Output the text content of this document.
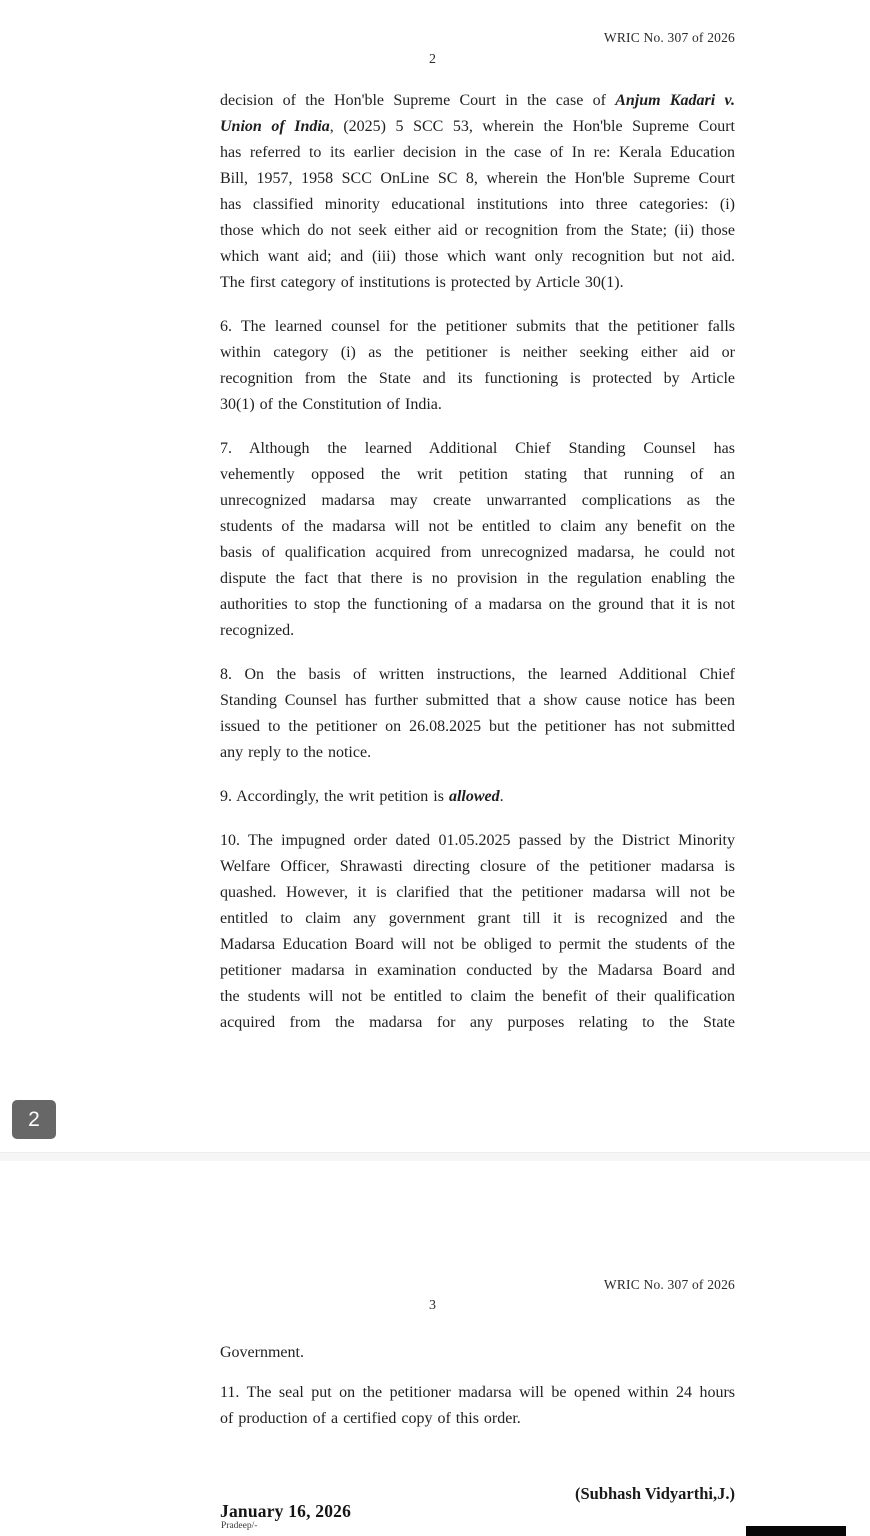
WRIC No. 307 of 2026
2
decision of the Hon'ble Supreme Court in the case of Anjum Kadari v.
Union of India, (2025) 5 SCC 53, wherein the Hon'ble Supreme Court
has referred to its earlier decision in the case of In re: Kerala Education
Bill, 1957, 1958 SCC OnLine SC 8, wherein the Hon'ble Supreme Court
has classified minority educational institutions into three categories: (i)
those which do not seek either aid or recognition from the State; (ii) those
which want aid; and (iii) those which want only recognition but not aid.
The first category of institutions is protected by Article 30(1).
6. The learned counsel for the petitioner submits that the petitioner falls
within category (i) as the petitioner is neither seeking either aid or
recognition from the State and its functioning is protected by Article
30(1) of the Constitution of India.
7. Although the learned Additional Chief Standing Counsel has
vehemently opposed the writ petition stating that running of an
unrecognized madarsa may create unwarranted complications as the
students of the madarsa will not be entitled to claim any benefit on the
basis of qualification acquired from unrecognized madarsa, he could not
dispute the fact that there is no provision in the regulation enabling the
authorities to stop the functioning of a madarsa on the ground that it is not
recognized.
8. On the basis of written instructions, the learned Additional Chief
Standing Counsel has further submitted that a show cause notice has been
issued to the petitioner on 26.08.2025 but the petitioner has not submitted
any reply to the notice.
9. Accordingly, the writ petition is allowed.
10. The impugned order dated 01.05.2025 passed by the District Minority
Welfare Officer, Shrawasti directing closure of the petitioner madarsa is
quashed. However, it is clarified that the petitioner madarsa will not be
entitled to claim any government grant till it is recognized and the
Madarsa Education Board will not be obliged to permit the students of the
petitioner madarsa in examination conducted by the Madarsa Board and
the students will not be entitled to claim the benefit of their qualification
acquired from the madarsa for any purposes relating to the State
2
WRIC No. 307 of 2026
3
Government.
11. The seal put on the petitioner madarsa will be opened within 24 hours
of production of a certified copy of this order.
(Subhash Vidyarthi,J.)
January 16, 2026
Pradeep/-
